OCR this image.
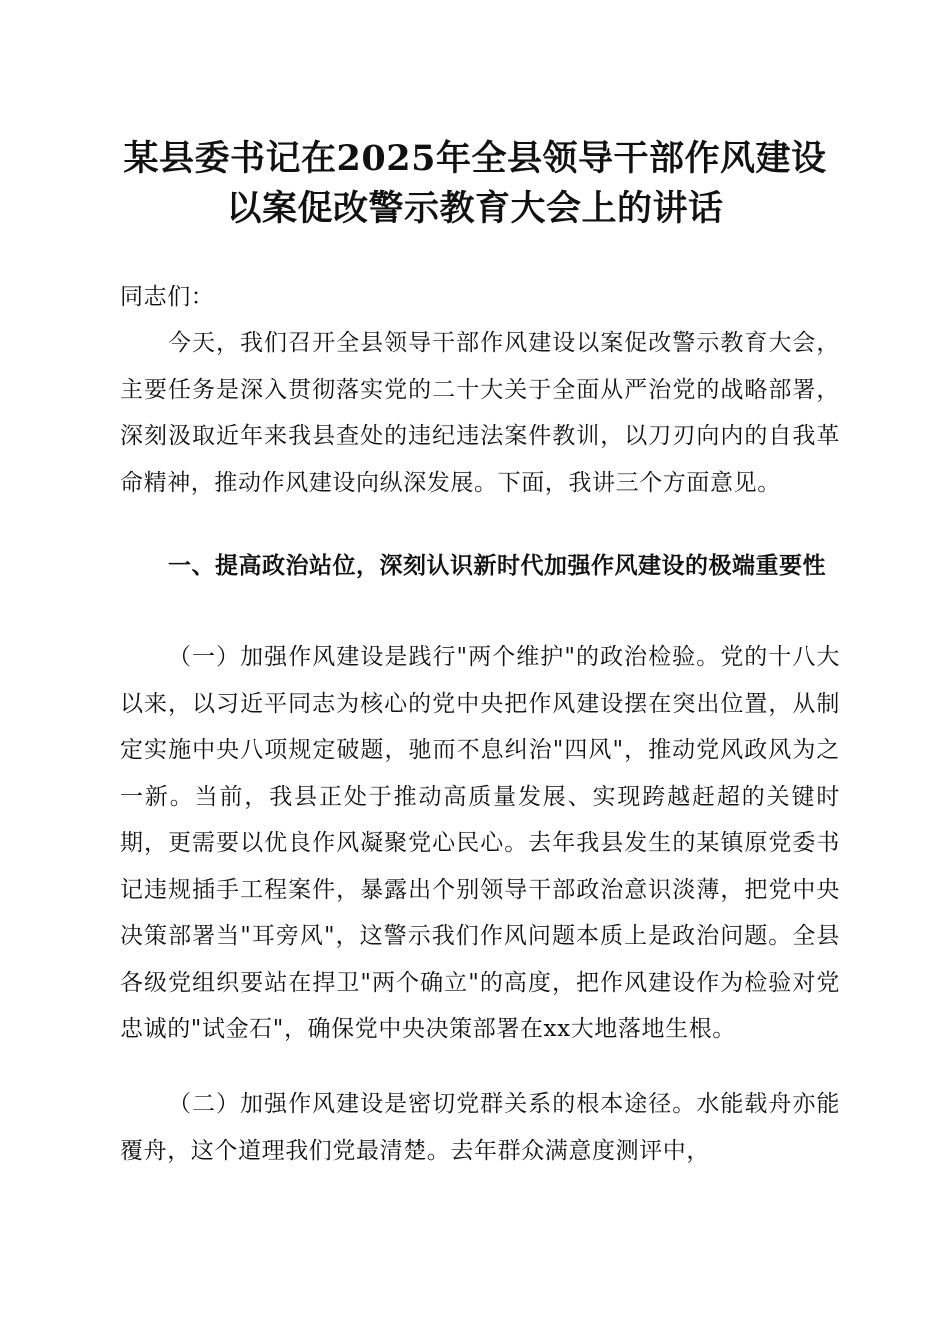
某县委书记在2025年全县领导干部作风建设
以案促改警示教育大会上的讲话

同志们：

今天，我们召开全县领导干部作风建设以案促改警示教育大会，主要任务是深入贯彻落实党的二十大关于全面从严治党的战略部署，深刻汲取近年来我县查处的违纪违法案件教训，以刀刃向内的自我革命精神，推动作风建设向纵深发展。下面，我讲三个方面意见。

一、提高政治站位，深刻认识新时代加强作风建设的极端重要性

（一）加强作风建设是践行"两个维护"的政治检验。党的十八大以来，以习近平同志为核心的党中央把作风建设摆在突出位置，从制定实施中央八项规定破题，驰而不息纠治"四风"，推动党风政风为之一新。当前，我县正处于推动高质量发展、实现跨越赶超的关键时期，更需要以优良作风凝聚党心民心。去年我县发生的某镇原党委书记违规插手工程案件，暴露出个别领导干部政治意识淡薄，把党中央决策部署当"耳旁风"，这警示我们作风问题本质上是政治问题。全县各级党组织要站在捍卫"两个确立"的高度，把作风建设作为检验对党忠诚的"试金石"，确保党中央决策部署在xx大地落地生根。

（二）加强作风建设是密切党群关系的根本途径。水能载舟亦能覆舟，这个道理我们党最清楚。去年群众满意度测评中，
